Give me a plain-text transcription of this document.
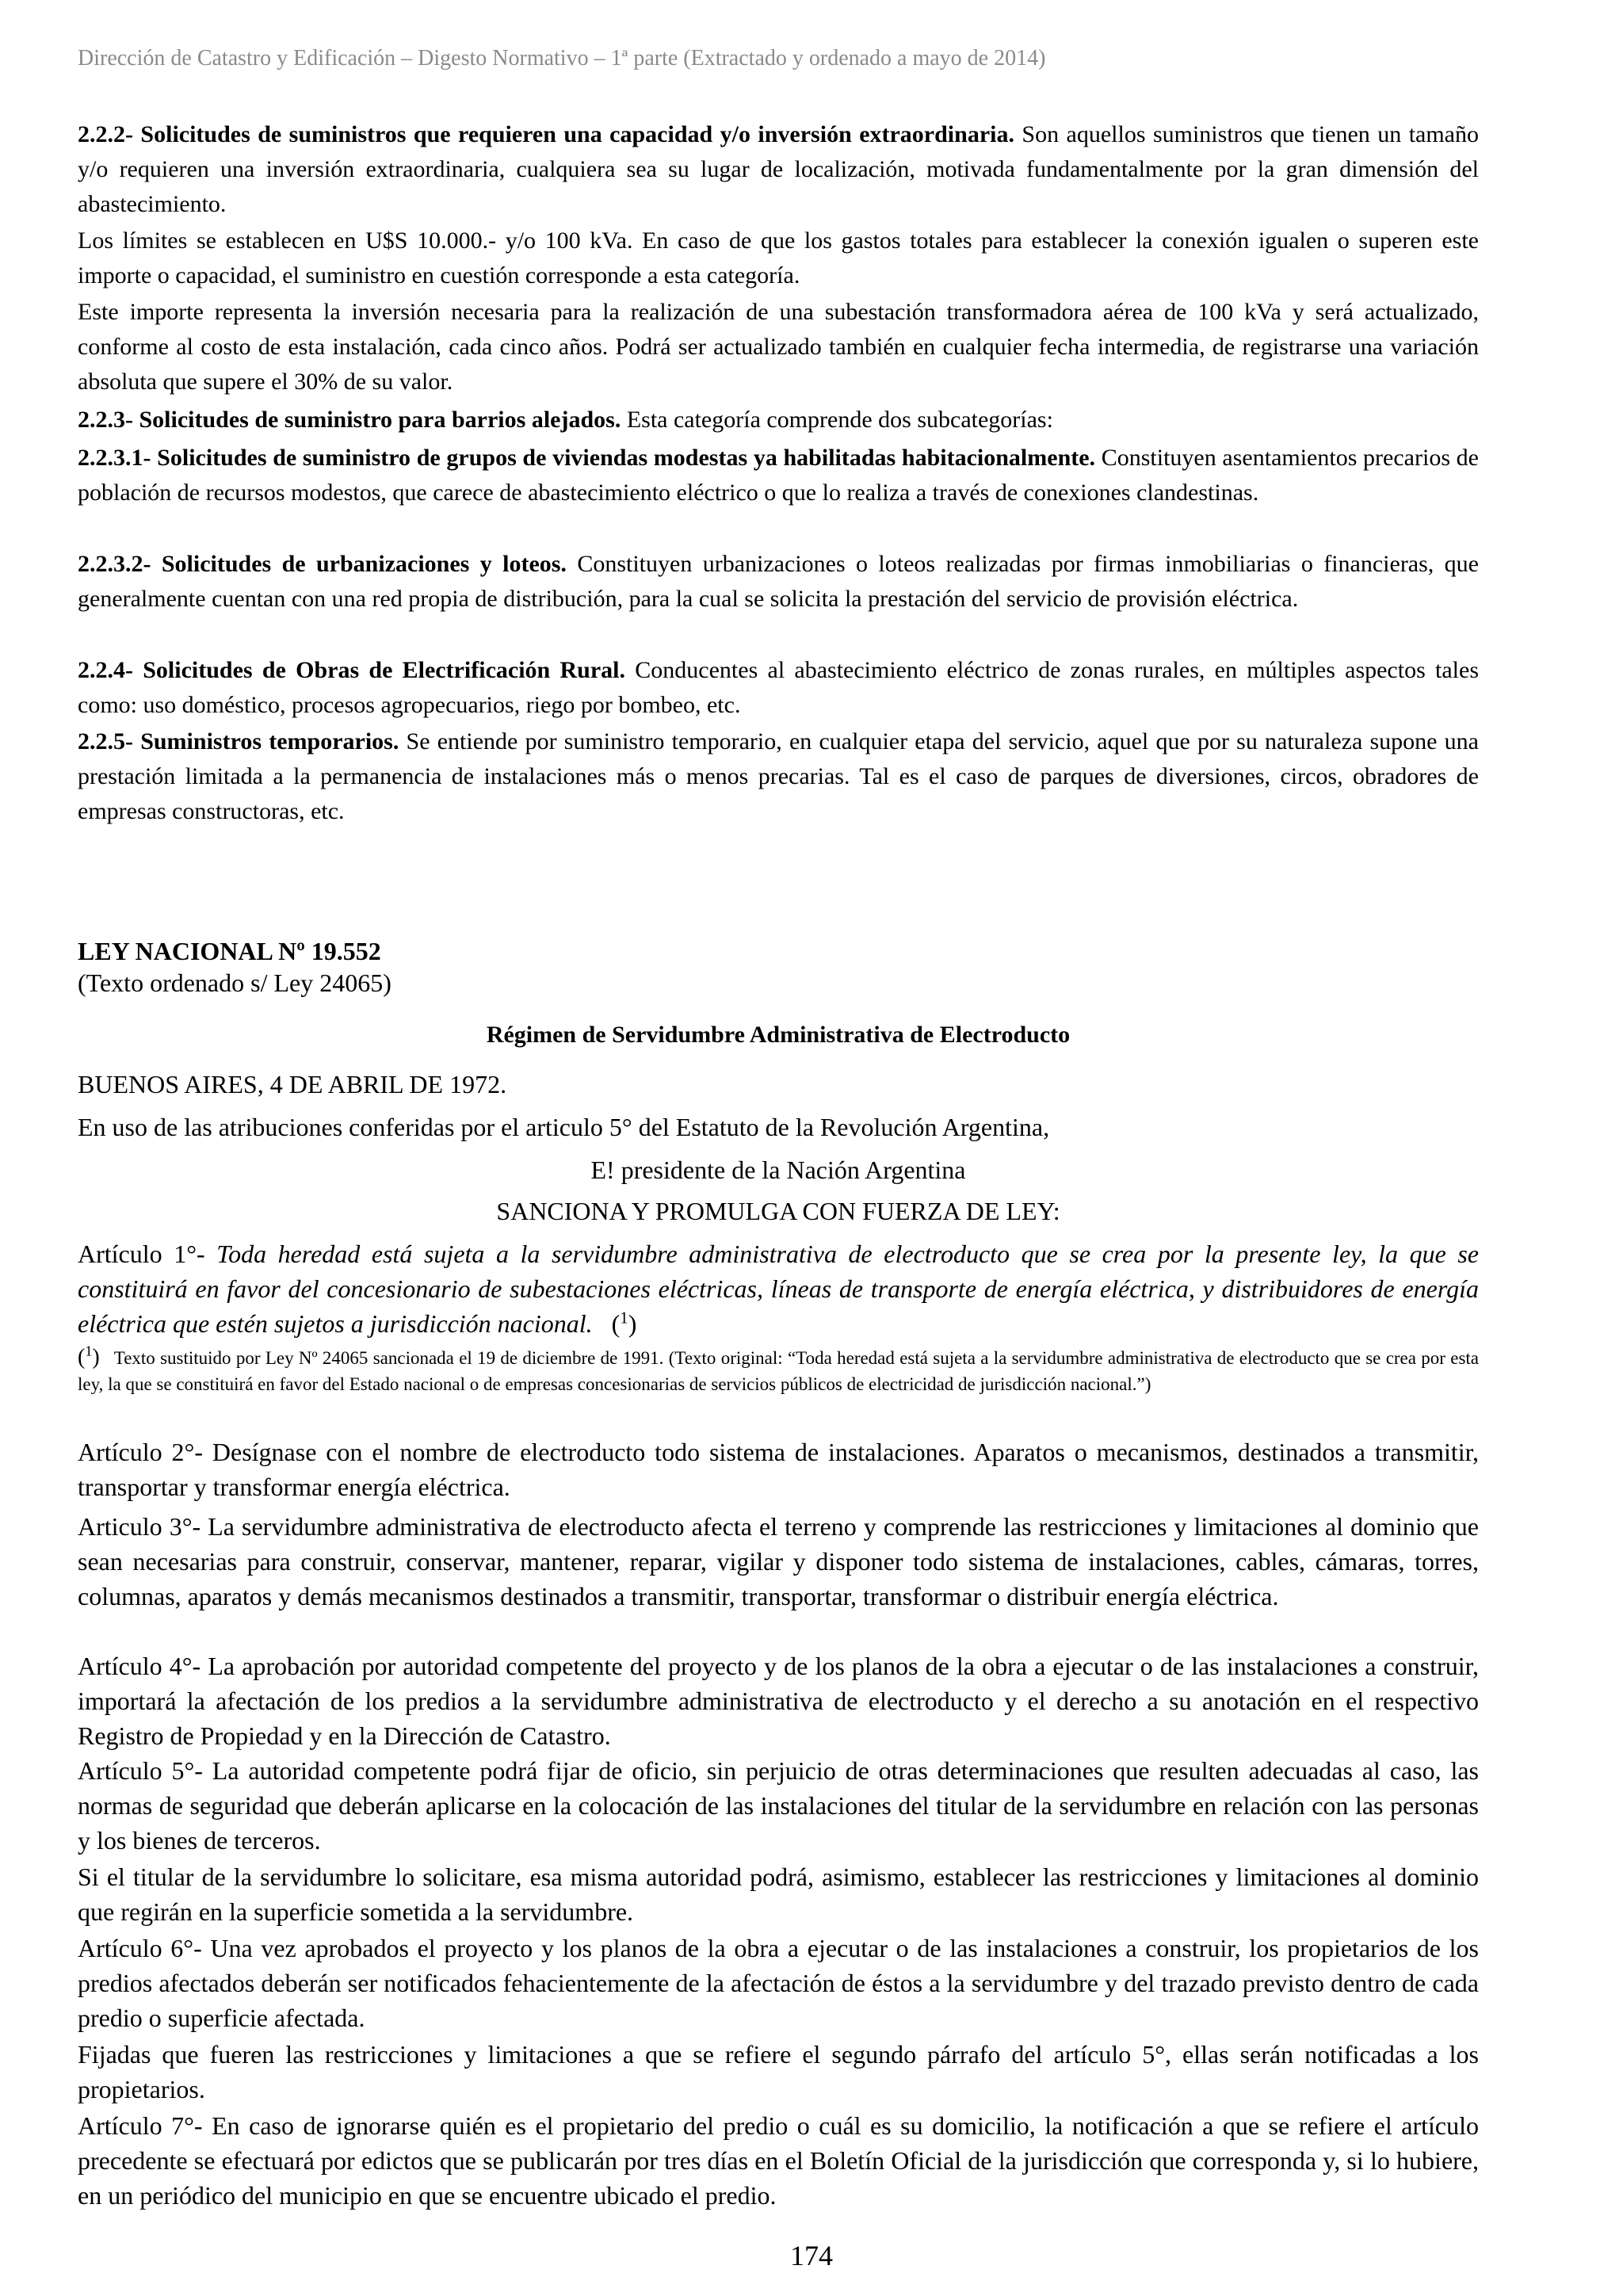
Dirección de Catastro y Edificación – Digesto Normativo – 1ª parte (Extractado y ordenado a mayo de 2014)
2.2.2- Solicitudes de suministros que requieren una capacidad y/o inversión extraordinaria. Son aquellos suministros que tienen un tamaño y/o requieren una inversión extraordinaria, cualquiera sea su lugar de localización, motivada fundamentalmente por la gran dimensión del abastecimiento.
Los límites se establecen en U$S 10.000.- y/o 100 kVa. En caso de que los gastos totales para establecer la conexión igualen o superen este importe o capacidad, el suministro en cuestión corresponde a esta categoría.
Este importe representa la inversión necesaria para la realización de una subestación transformadora aérea de 100 kVa y será actualizado, conforme al costo de esta instalación, cada cinco años. Podrá ser actualizado también en cualquier fecha intermedia, de registrarse una variación absoluta que supere el 30% de su valor.
2.2.3- Solicitudes de suministro para barrios alejados. Esta categoría comprende dos subcategorías:
2.2.3.1- Solicitudes de suministro de grupos de viviendas modestas ya habilitadas habitacionalmente. Constituyen asentamientos precarios de población de recursos modestos, que carece de abastecimiento eléctrico o que lo realiza a través de conexiones clandestinas.
2.2.3.2- Solicitudes de urbanizaciones y loteos. Constituyen urbanizaciones o loteos realizadas por firmas inmobiliarias o financieras, que generalmente cuentan con una red propia de distribución, para la cual se solicita la prestación del servicio de provisión eléctrica.
2.2.4- Solicitudes de Obras de Electrificación Rural. Conducentes al abastecimiento eléctrico de zonas rurales, en múltiples aspectos tales como: uso doméstico, procesos agropecuarios, riego por bombeo, etc.
2.2.5- Suministros temporarios. Se entiende por suministro temporario, en cualquier etapa del servicio, aquel que por su naturaleza supone una prestación limitada a la permanencia de instalaciones más o menos precarias. Tal es el caso de parques de diversiones, circos, obradores de empresas constructoras, etc.
LEY NACIONAL Nº 19.552
(Texto ordenado s/ Ley 24065)
Régimen de Servidumbre Administrativa de Electroducto
BUENOS AIRES, 4 DE ABRIL DE 1972.
En uso de las atribuciones conferidas por el articulo 5° del Estatuto de la Revolución Argentina,
E! presidente de la Nación Argentina
SANCIONA Y PROMULGA CON FUERZA DE LEY:
Artículo 1°- Toda heredad está sujeta a la servidumbre administrativa de electroducto que se crea por la presente ley, la que se constituirá en favor del concesionario de subestaciones eléctricas, líneas de transporte de energía eléctrica, y distribuidores de energía eléctrica que estén sujetos a jurisdicción nacional.   ($^1$)
($^1$) Texto sustituido por Ley Nº 24065 sancionada el 19 de diciembre de 1991. (Texto original: “Toda heredad está sujeta a la servidumbre administrativa de electroducto que se crea por esta ley, la que se constituirá en favor del Estado nacional o de empresas concesionarias de servicios públicos de electricidad de jurisdicción nacional.”)
Artículo 2°- Desígnase con el nombre de electroducto todo sistema de instalaciones. Aparatos o mecanismos, destinados a transmitir, transportar y transformar energía eléctrica.
Articulo 3°- La servidumbre administrativa de electroducto afecta el terreno y comprende las restricciones y limitaciones al dominio que sean necesarias para construir, conservar, mantener, reparar, vigilar y disponer todo sistema de instalaciones, cables, cámaras, torres, columnas, aparatos y demás mecanismos destinados a transmitir, transportar, transformar o distribuir energía eléctrica.
Artículo 4°- La aprobación por autoridad competente del proyecto y de los planos de la obra a ejecutar o de las instalaciones a construir, importará la afectación de los predios a la servidumbre administrativa de electroducto y el derecho a su anotación en el respectivo Registro de Propiedad y en la Dirección de Catastro.
Artículo 5°- La autoridad competente podrá fijar de oficio, sin perjuicio de otras determinaciones que resulten adecuadas al caso, las normas de seguridad que deberán aplicarse en la colocación de las instalaciones del titular de la servidumbre en relación con las personas y los bienes de terceros.
Si el titular de la servidumbre lo solicitare, esa misma autoridad podrá, asimismo, establecer las restricciones y limitaciones al dominio que regirán en la superficie sometida a la servidumbre.
Artículo 6°- Una vez aprobados el proyecto y los planos de la obra a ejecutar o de las instalaciones a construir, los propietarios de los predios afectados deberán ser notificados fehacientemente de la afectación de éstos a la servidumbre y del trazado previsto dentro de cada predio o superficie afectada.
Fijadas que fueren las restricciones y limitaciones a que se refiere el segundo párrafo del artículo 5°, ellas serán notificadas a los propietarios.
Artículo 7°- En caso de ignorarse quién es el propietario del predio o cuál es su domicilio, la notificación a que se refiere el artículo precedente se efectuará por edictos que se publicarán por tres días en el Boletín Oficial de la jurisdicción que corresponda y, si lo hubiere, en un periódico del municipio en que se encuentre ubicado el predio.
174
